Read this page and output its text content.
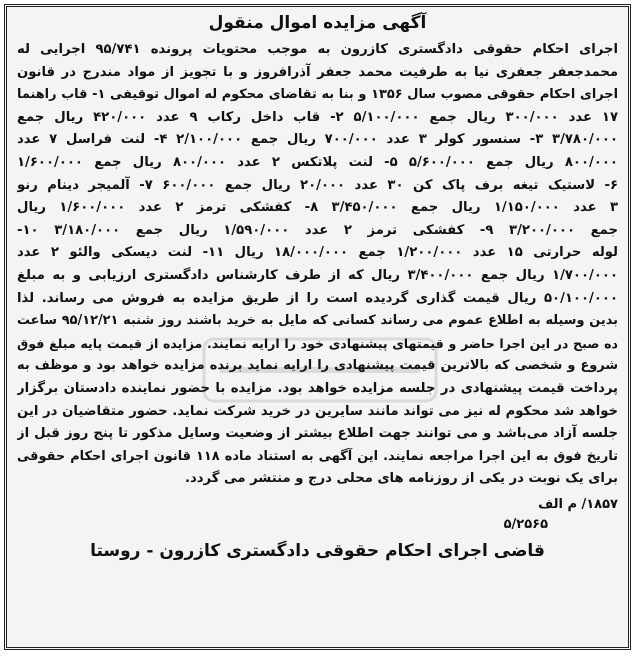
آگهی مزایده اموال منقول
اجرای احکام حقوقی دادگستری کازرون به موجب محتویات پرونده ۹۵/۷۴۱ اجرایی له
محمدجعفر جعفری نیا به طرفیت محمد جعفر آذرافروز و با تجویز از مواد مندرج در قانون
اجرای احکام حقوقی مصوب سال ۱۳۵۶ و بنا به تقاضای محکوم له اموال توقیفی ۱- قاب راهنما
۱۷ عدد ۳۰۰/۰۰۰ ریال جمع ۵/۱۰۰/۰۰۰ ۲- قاب داخل رکاب ۹ عدد ۴۲۰/۰۰۰ ریال جمع
۳/۷۸۰/۰۰۰ ۳- سنسور کولر ۳ عدد ۷۰۰/۰۰۰ ریال جمع ۲/۱۰۰/۰۰۰ ۴- لنت فراسل ۷ عدد
۸۰۰/۰۰۰ ریال جمع ۵/۶۰۰/۰۰۰ ۵- لنت پلاتکس ۲ عدد ۸۰۰/۰۰۰ ریال جمع ۱/۶۰۰/۰۰۰
۶- لاستیک تیغه برف پاک کن ۳۰ عدد ۲۰/۰۰۰ ریال جمع ۶۰۰/۰۰۰ ۷- آلمیجر دینام رنو
۳ عدد ۱/۱۵۰/۰۰۰ ریال جمع ۳/۴۵۰/۰۰۰ ۸- کفشکی ترمز ۲ عدد ۱/۶۰۰/۰۰۰ ریال
جمع ۳/۲۰۰/۰۰۰ ۹- کفشکی ترمز ۲ عدد ۱/۵۹۰/۰۰۰ ریال جمع ۳/۱۸۰/۰۰۰ ۱۰-
لوله حرارتی ۱۵ عدد ۱/۲۰۰/۰۰۰ جمع ۱۸/۰۰۰/۰۰۰ ریال ۱۱- لنت دیسکی والئو ۲ عدد
۱/۷۰۰/۰۰۰ ریال جمع ۳/۴۰۰/۰۰۰ ریال که از طرف کارشناس دادگستری ارزیابی و به مبلغ
۵۰/۱۰۰/۰۰۰ ریال قیمت گذاری گردیده است را از طریق مزایده به فروش می رساند. لذا
بدین وسیله به اطلاع عموم می رساند کسانی که مایل به خرید باشند روز شنبه ۹۵/۱۲/۲۱ ساعت
ده صبح در این اجرا حاضر و قیمتهای پیشنهادی خود را ارایه نمایند. مزایده از قیمت پایه مبلغ فوق
شروع و شخصی که بالاترین قیمت پیشنهادی را ارایه نماید برنده مزایده خواهد بود و موظف به
پرداخت قیمت پیشنهادی در جلسه مزایده خواهد بود. مزایده با حضور نماینده دادستان برگزار
خواهد شد محکوم له نیز می تواند مانند سایرین در خرید شرکت نماید. حضور متقاضیان در این
جلسه آزاد می‌باشد و می توانند جهت اطلاع بیشتر از وضعیت وسایل مذکور تا پنج روز قبل از
تاریخ فوق به این اجرا مراجعه نمایند. این آگهی به استناد ماده ۱۱۸ قانون اجرای احکام حقوقی
برای یک نوبت در یکی از روزنامه های محلی درج و منتشر می گردد.
۱۸۵۷/ م الف
۵/۲۵۶۵
قاضی اجرای احکام حقوقی دادگستری کازرون - روستا
